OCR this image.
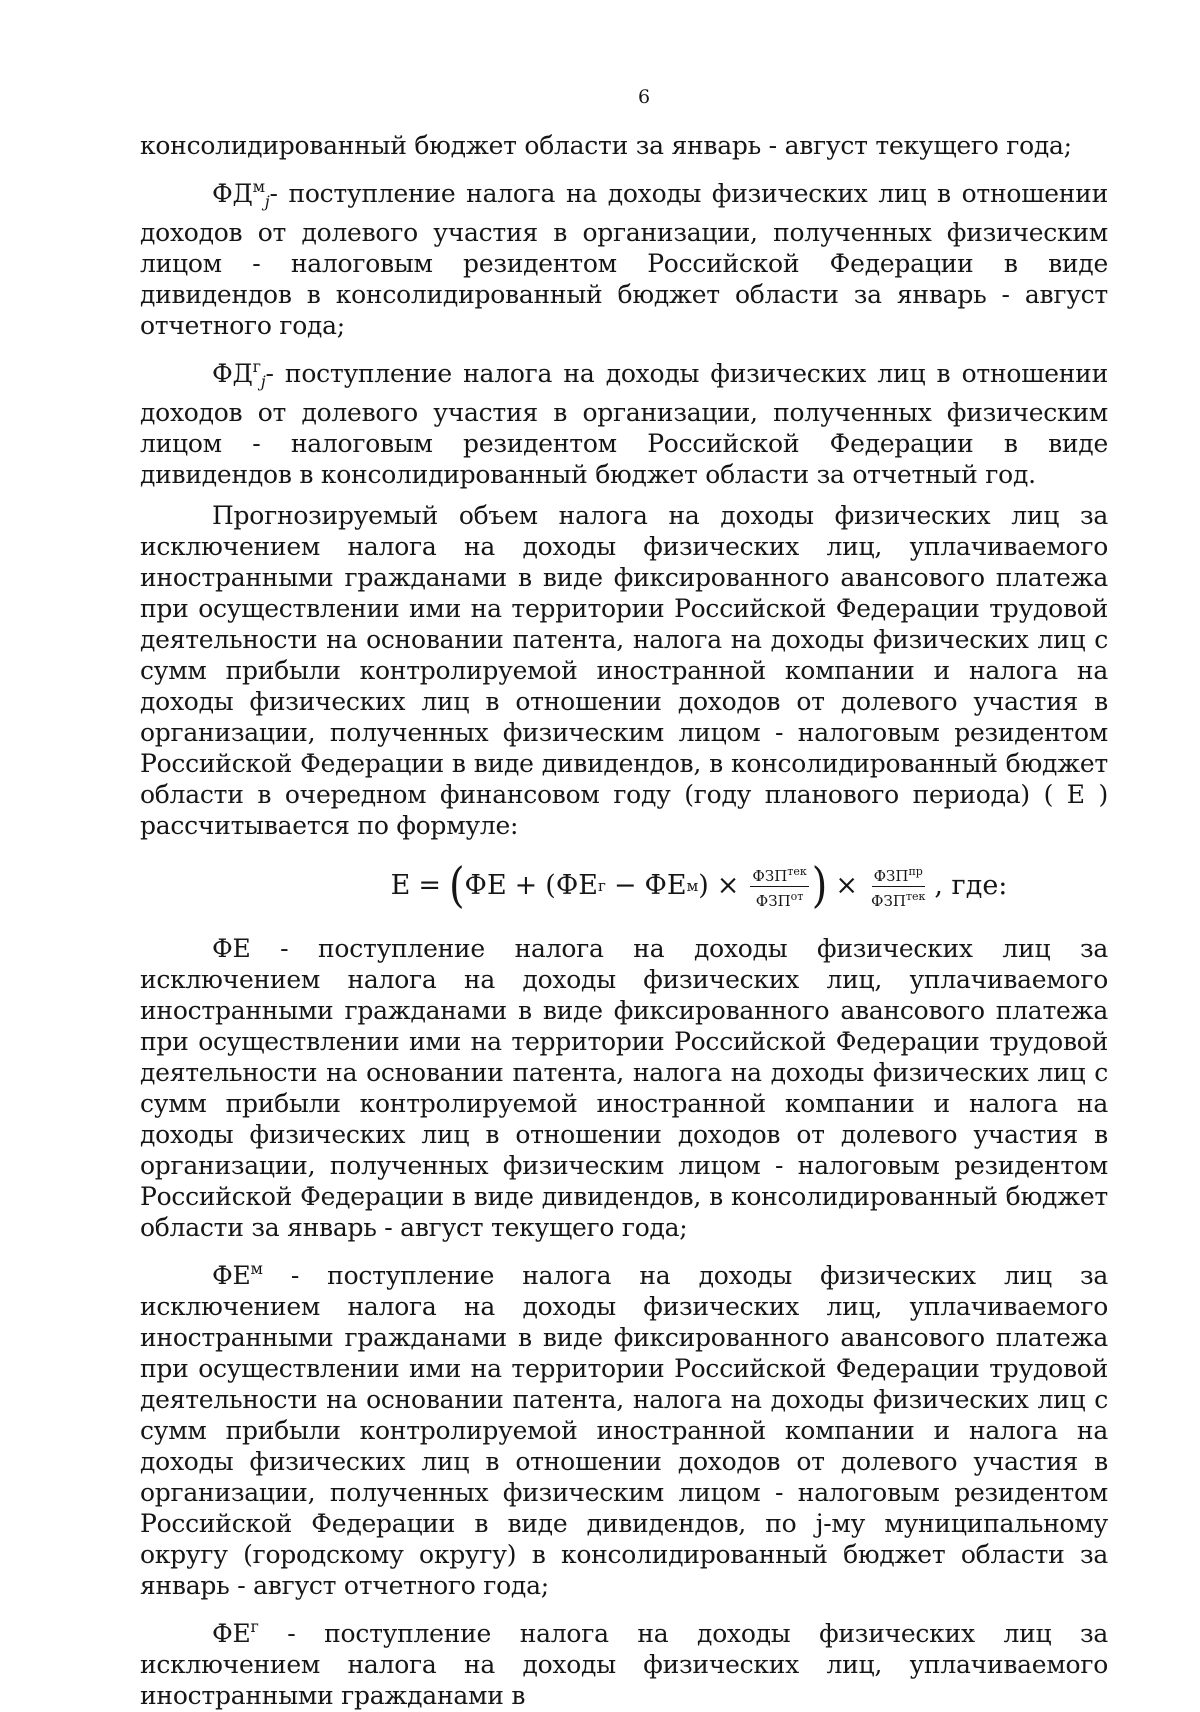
6

консолидированный бюджет области за январь - август текущего года;

$ФД^м_j-$ поступление налога на доходы физических лиц в отношении доходов от долевого участия в организации, полученных физическим лицом - налоговым резидентом Российской Федерации в виде дивидендов в консолидированный бюджет области за январь - август отчетного года;

$ФД^г_j-$ поступление налога на доходы физических лиц в отношении доходов от долевого участия в организации, полученных физическим лицом - налоговым резидентом Российской Федерации в виде дивидендов в консолидированный бюджет области за отчетный год.

Прогнозируемый объем налога на доходы физических лиц за исключением налога на доходы физических лиц, уплачиваемого иностранными гражданами в виде фиксированного авансового платежа при осуществлении ими на территории Российской Федерации трудовой деятельности на основании патента, налога на доходы физических лиц с сумм прибыли контролируемой иностранной компании и налога на доходы физических лиц в отношении доходов от долевого участия в организации, полученных физическим лицом - налоговым резидентом Российской Федерации в виде дивидендов, в консолидированный бюджет области в очередном финансовом году (году планового периода) ( Е ) рассчитывается по формуле:

Е = ( ФЕ + (ФЕ г − ФЕ м ) × $\frac{ФЗП^{тек}}{ФЗП^{от}}$ ) × $\frac{ФЗП^{пр}}{ФЗП^{тек}}$ , где:

ФЕ - поступление налога на доходы физических лиц за исключением налога на доходы физических лиц, уплачиваемого иностранными гражданами в виде фиксированного авансового платежа при осуществлении ими на территории Российской Федерации трудовой деятельности на основании патента, налога на доходы физических лиц с сумм прибыли контролируемой иностранной компании и налога на доходы физических лиц в отношении доходов от долевого участия в организации, полученных физическим лицом - налоговым резидентом Российской Федерации в виде дивидендов, в консолидированный бюджет области за январь - август текущего года;

$ФЕ^м$ - поступление налога на доходы физических лиц за исключением налога на доходы физических лиц, уплачиваемого иностранными гражданами в виде фиксированного авансового платежа при осуществлении ими на территории Российской Федерации трудовой деятельности на основании патента, налога на доходы физических лиц с сумм прибыли контролируемой иностранной компании и налога на доходы физических лиц в отношении доходов от долевого участия в организации, полученных физическим лицом - налоговым резидентом Российской Федерации в виде дивидендов, по j-му муниципальному округу (городскому округу) в консолидированный бюджет области за январь - август отчетного года;

$ФЕ^г$ - поступление налога на доходы физических лиц за исключением налога на доходы физических лиц, уплачиваемого иностранными гражданами в
